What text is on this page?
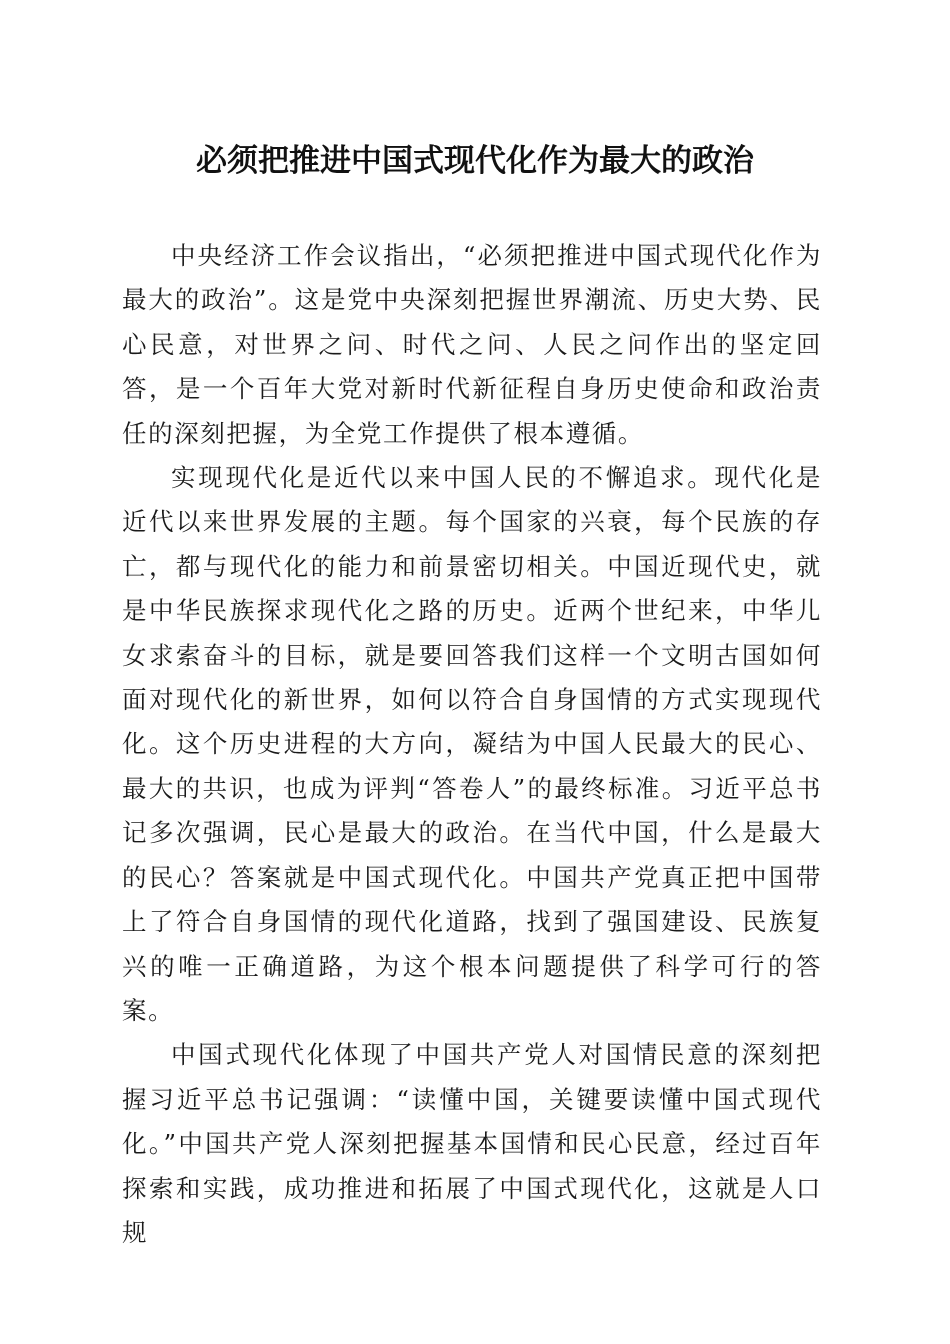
必须把推进中国式现代化作为最大的政治

中央经济工作会议指出，“必须把推进中国式现代化作为最大的政治”。这是党中央深刻把握世界潮流、历史大势、民心民意，对世界之问、时代之问、人民之问作出的坚定回答，是一个百年大党对新时代新征程自身历史使命和政治责任的深刻把握，为全党工作提供了根本遵循。

实现现代化是近代以来中国人民的不懈追求。现代化是近代以来世界发展的主题。每个国家的兴衰，每个民族的存亡，都与现代化的能力和前景密切相关。中国近现代史，就是中华民族探求现代化之路的历史。近两个世纪来，中华儿女求索奋斗的目标，就是要回答我们这样一个文明古国如何面对现代化的新世界，如何以符合自身国情的方式实现现代化。这个历史进程的大方向，凝结为中国人民最大的民心、最大的共识，也成为评判“答卷人”的最终标准。习近平总书记多次强调，民心是最大的政治。在当代中国，什么是最大的民心？答案就是中国式现代化。中国共产党真正把中国带上了符合自身国情的现代化道路，找到了强国建设、民族复兴的唯一正确道路，为这个根本问题提供了科学可行的答案。

中国式现代化体现了中国共产党人对国情民意的深刻把握习近平总书记强调：“读懂中国，关键要读懂中国式现代化。”中国共产党人深刻把握基本国情和民心民意，经过百年探索和实践，成功推进和拓展了中国式现代化，这就是人口规
